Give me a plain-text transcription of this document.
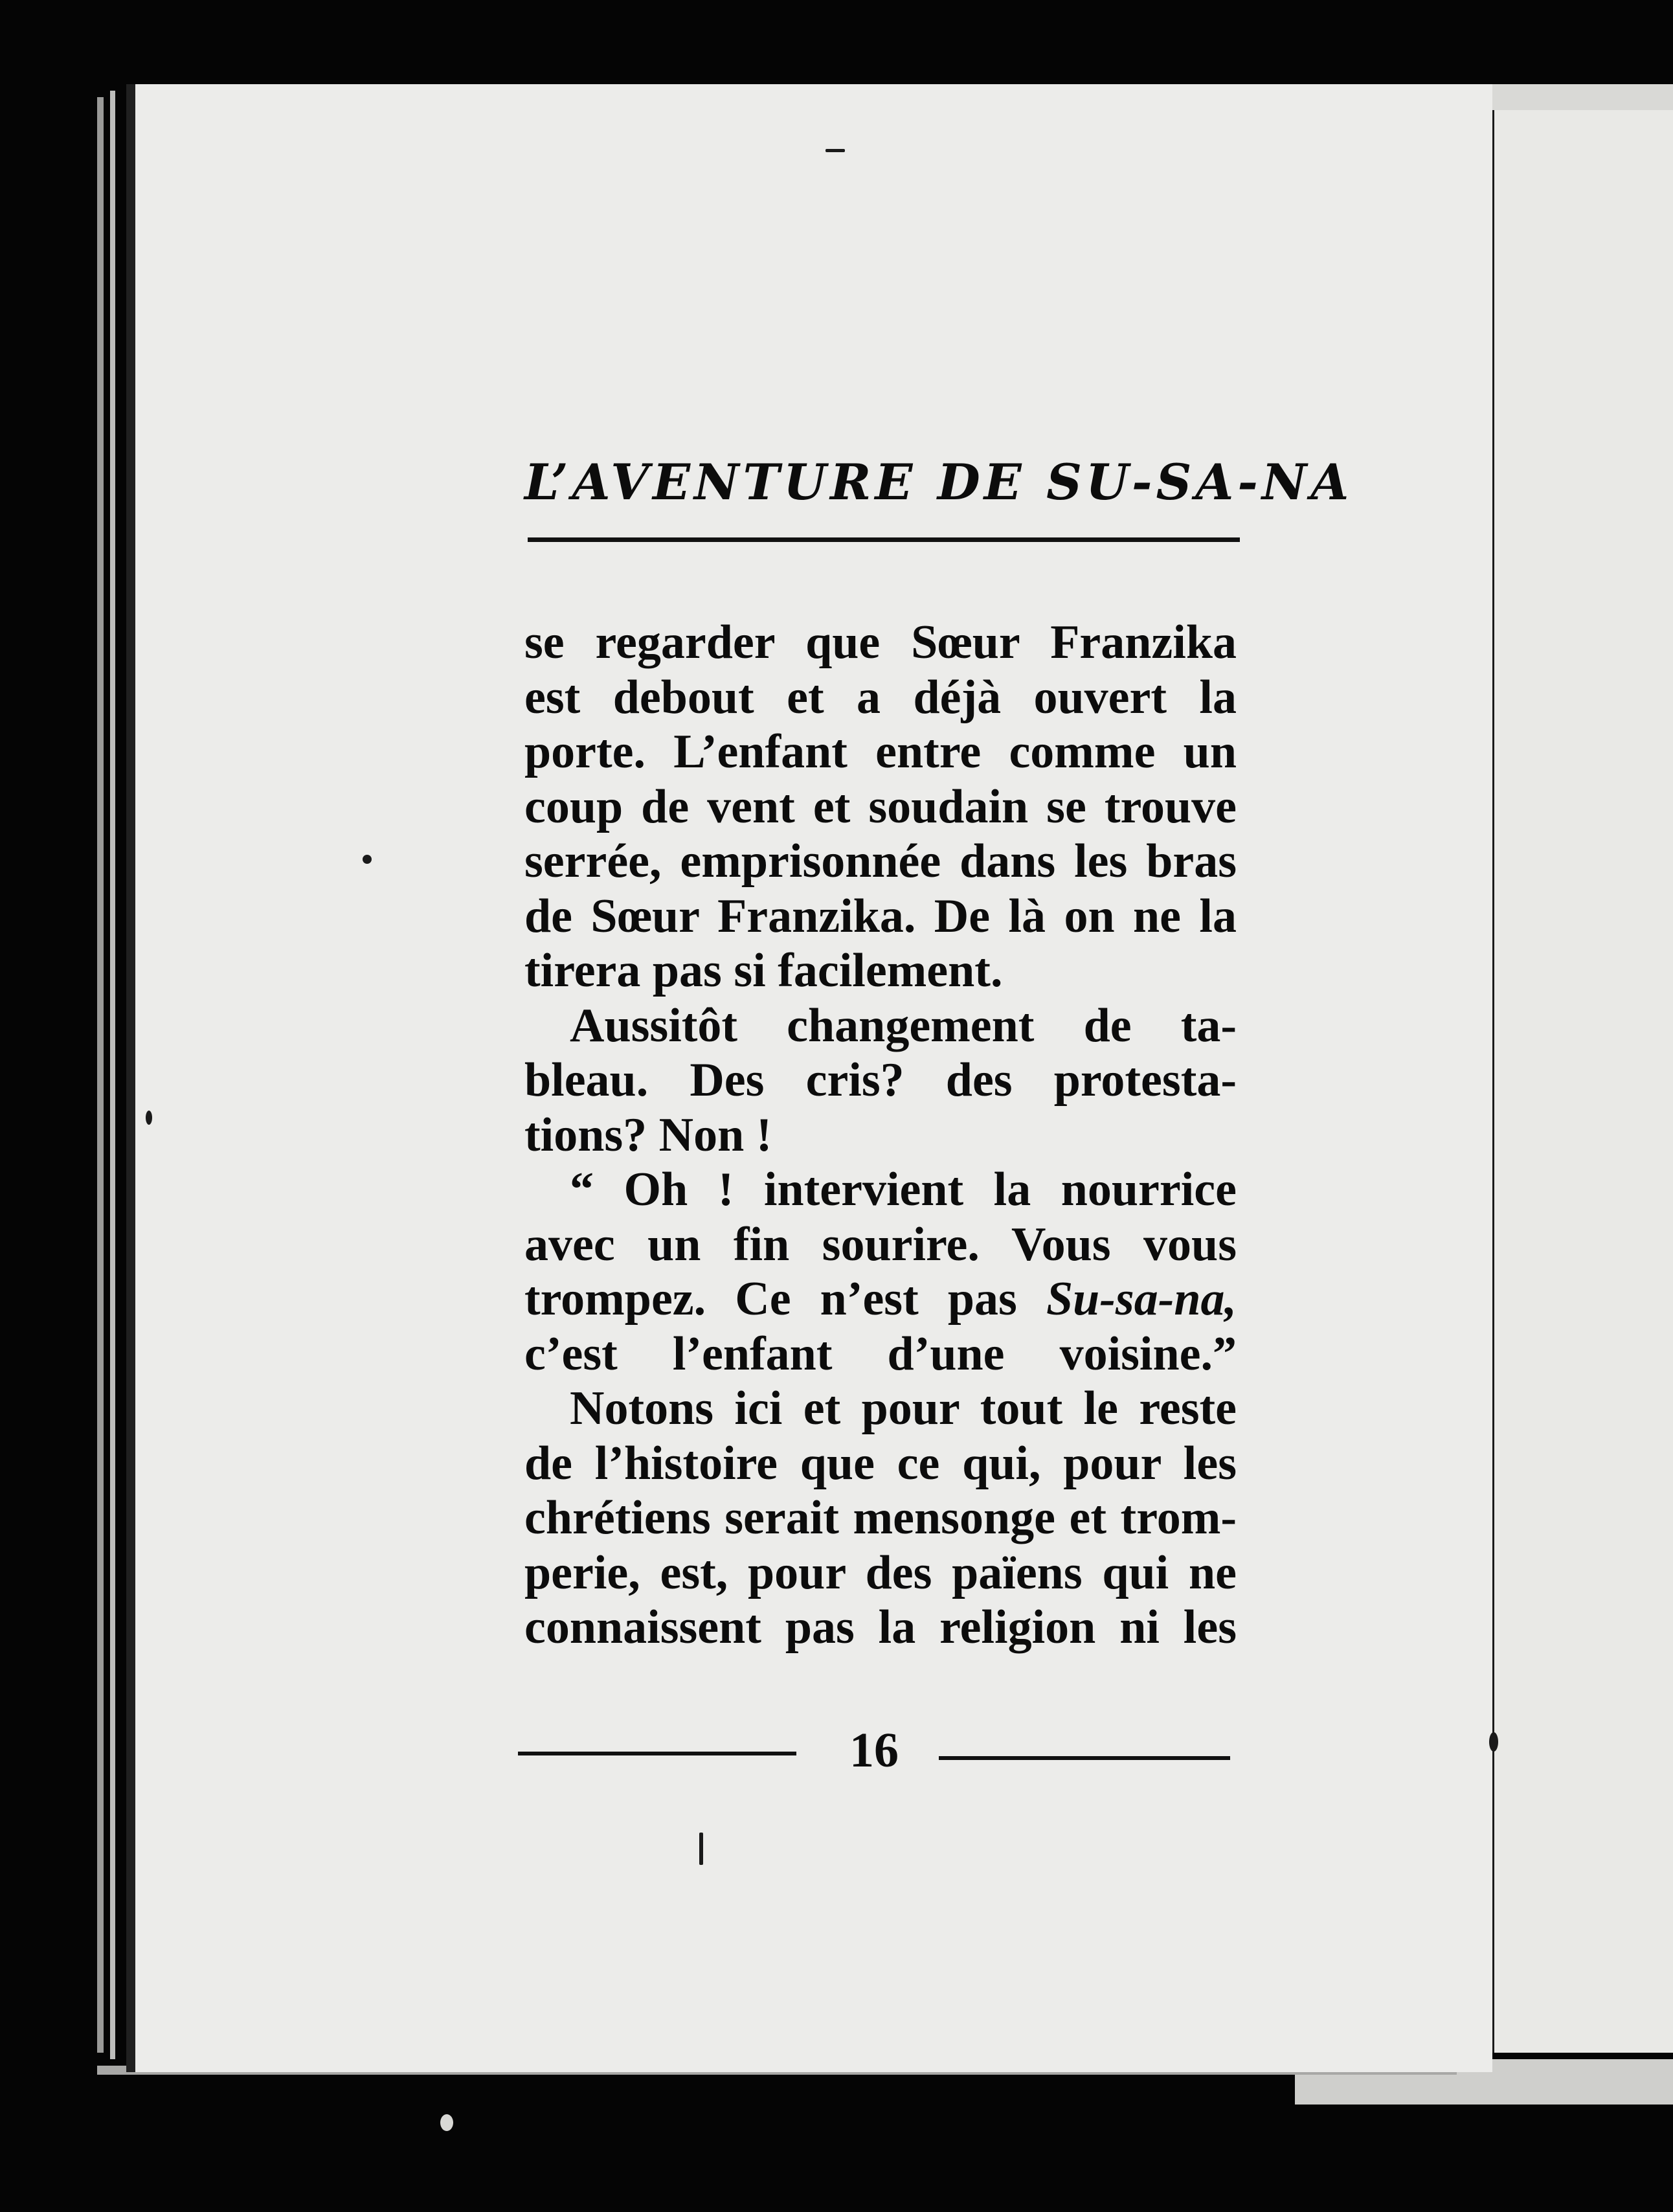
L’AVENTURE DE SU-SA-NA
se regarder que Sœur Franzika
est debout et a déjà ouvert la
porte. L’enfant entre comme un
coup de vent et soudain se trouve
serrée, emprisonnée dans les bras
de Sœur Franzika. De là on ne la
tirera pas si facilement.
Aussitôt changement de ta-
bleau. Des cris? des protesta-
tions? Non !
“ Oh ! intervient la nourrice
avec un fin sourire. Vous vous
trompez. Ce n’est pas Su-sa-na,
c’est l’enfant d’une voisine.”
Notons ici et pour tout le reste
de l’histoire que ce qui, pour les
chrétiens serait mensonge et trom-
perie, est, pour des païens qui ne
connaissent pas la religion ni les
16
